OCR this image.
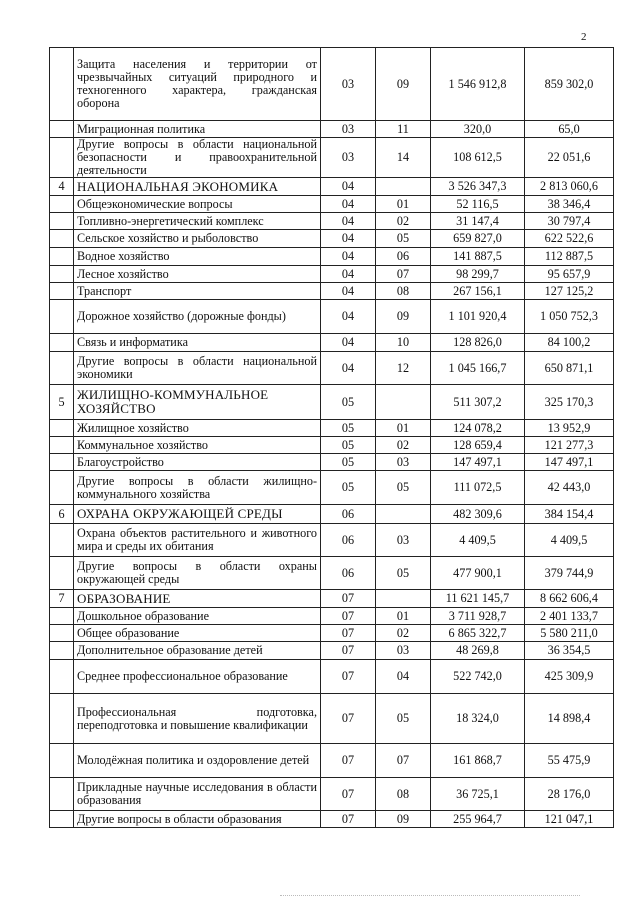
2
	Защита населения и территории от чрезвычайных ситуаций природного и техногенного характера, гражданская оборона	03	09	1 546 912,8	859 302,0
	Миграционная политика	03	11	320,0	65,0
	Другие вопросы в области национальной безопасности и правоохранительной деятельности	03	14	108 612,5	22 051,6
4	НАЦИОНАЛЬНАЯ ЭКОНОМИКА	04		3 526 347,3	2 813 060,6
	Общеэкономические вопросы	04	01	52 116,5	38 346,4
	Топливно-энергетический комплекс	04	02	31 147,4	30 797,4
	Сельское хозяйство и рыболовство	04	05	659 827,0	622 522,6
	Водное хозяйство	04	06	141 887,5	112 887,5
	Лесное хозяйство	04	07	98 299,7	95 657,9
	Транспорт	04	08	267 156,1	127 125,2
	Дорожное хозяйство (дорожные фонды)	04	09	1 101 920,4	1 050 752,3
	Связь и информатика	04	10	128 826,0	84 100,2
	Другие вопросы в области национальной экономики	04	12	1 045 166,7	650 871,1
5	ЖИЛИЩНО-КОММУНАЛЬНОЕ ХОЗЯЙСТВО	05		511 307,2	325 170,3
	Жилищное хозяйство	05	01	124 078,2	13 952,9
	Коммунальное хозяйство	05	02	128 659,4	121 277,3
	Благоустройство	05	03	147 497,1	147 497,1
	Другие вопросы в области жилищно-коммунального хозяйства	05	05	111 072,5	42 443,0
6	ОХРАНА ОКРУЖАЮЩЕЙ СРЕДЫ	06		482 309,6	384 154,4
	Охрана объектов растительного и животного мира и среды их обитания	06	03	4 409,5	4 409,5
	Другие вопросы в области охраны окружающей среды	06	05	477 900,1	379 744,9
7	ОБРАЗОВАНИЕ	07		11 621 145,7	8 662 606,4
	Дошкольное образование	07	01	3 711 928,7	2 401 133,7
	Общее образование	07	02	6 865 322,7	5 580 211,0
	Дополнительное образование детей	07	03	48 269,8	36 354,5
	Среднее профессиональное образование	07	04	522 742,0	425 309,9
	Профессиональная подготовка, переподготовка и повышение квалификации	07	05	18 324,0	14 898,4
	Молодёжная политика и оздоровление детей	07	07	161 868,7	55 475,9
	Прикладные научные исследования в области образования	07	08	36 725,1	28 176,0
	Другие вопросы в области образования	07	09	255 964,7	121 047,1
